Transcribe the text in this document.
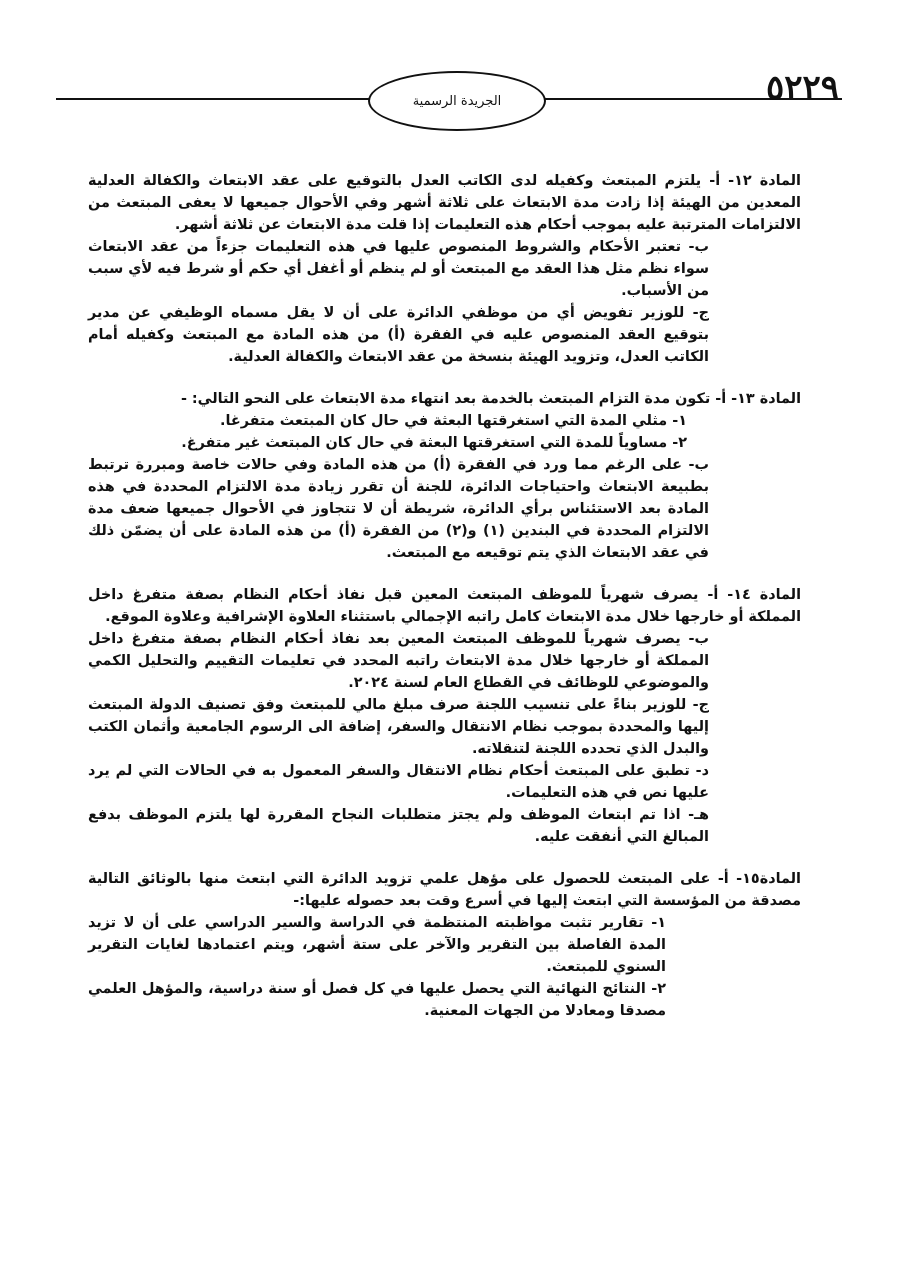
٥٢٢٩
الجريدة الرسمية

المادة ١٢- أ- يلتزم المبتعث وكفيله لدى الكاتب العدل بالتوقيع على عقد الابتعاث والكفالة العدلية المعدين من الهيئة إذا زادت مدة الابتعاث على ثلاثة أشهر وفي الأحوال جميعها لا يعفى المبتعث من الالتزامات المترتبة عليه بموجب أحكام هذه التعليمات إذا قلت مدة الابتعاث عن ثلاثة أشهر.

ب- تعتبر الأحكام والشروط المنصوص عليها في هذه التعليمات جزءاً من عقد الابتعاث سواء نظم مثل هذا العقد مع المبتعث أو لم ينظم أو أغفل أي حكم أو شرط فيه لأي سبب من الأسباب.

ج- للوزير تفويض أي من موظفي الدائرة على أن لا يقل مسماه الوظيفي عن مدير بتوقيع العقد المنصوص عليه في الفقرة (أ) من هذه المادة مع المبتعث وكفيله أمام الكاتب العدل، وتزويد الهيئة بنسخة من عقد الابتعاث والكفالة العدلية.

المادة ١٣- أ- تكون مدة التزام المبتعث بالخدمة بعد انتهاء مدة الابتعاث على النحو التالي: -

١- مثلي المدة التي استغرقتها البعثة في حال كان المبتعث متفرغا.

٢- مساوياً للمدة التي استغرقتها البعثة في حال كان المبتعث غير متفرغ.

ب- على الرغم مما ورد في الفقرة (أ) من هذه المادة وفي حالات خاصة ومبررة ترتبط بطبيعة الابتعاث واحتياجات الدائرة، للجنة أن تقرر زيادة مدة الالتزام المحددة في هذه المادة بعد الاستئناس برأي الدائرة، شريطة أن لا تتجاوز في الأحوال جميعها ضعف مدة الالتزام المحددة في البندين (١) و(٢) من الفقرة (أ) من هذه المادة على أن يضمّن ذلك في عقد الابتعاث الذي يتم توقيعه مع المبتعث.

المادة ١٤- أ- يصرف شهرياً للموظف المبتعث المعين قبل نفاذ أحكام النظام بصفة متفرغ داخل المملكة أو خارجها خلال مدة الابتعاث كامل راتبه الإجمالي باستثناء العلاوة الإشرافية وعلاوة الموقع.

ب- يصرف شهرياً للموظف المبتعث المعين بعد نفاذ أحكام النظام بصفة متفرغ داخل المملكة أو خارجها خلال مدة الابتعاث راتبه المحدد في تعليمات التقييم والتحليل الكمي والموضوعي للوظائف في القطاع العام لسنة ٢٠٢٤.

ج- للوزير بناءً على تنسيب اللجنة صرف مبلغ مالي للمبتعث وفق تصنيف الدولة المبتعث إليها والمحددة بموجب نظام الانتقال والسفر، إضافة الى الرسوم الجامعية وأثمان الكتب والبدل الذي تحدده اللجنة لتنقلاته.

د- تطبق على المبتعث أحكام نظام الانتقال والسفر المعمول به في الحالات التي لم يرد عليها نص في هذه التعليمات.

هـ- اذا تم ابتعاث الموظف ولم يجتز متطلبات النجاح المقررة لها يلتزم الموظف بدفع المبالغ التي أنفقت عليه.

المادة١٥- أ- على المبتعث للحصول على مؤهل علمي تزويد الدائرة التي ابتعث منها بالوثائق التالية مصدقة من المؤسسة التي ابتعث إليها في أسرع وقت بعد حصوله عليها:-

١- تقارير تثبت مواظبته المنتظمة في الدراسة والسير الدراسي على أن لا تزيد المدة الفاصلة بين التقرير والآخر على ستة أشهر، ويتم اعتمادها لغايات التقرير السنوي للمبتعث.

٢- النتائج النهائية التي يحصل عليها في كل فصل أو سنة دراسية، والمؤهل العلمي مصدقا ومعادلا من الجهات المعنية.
